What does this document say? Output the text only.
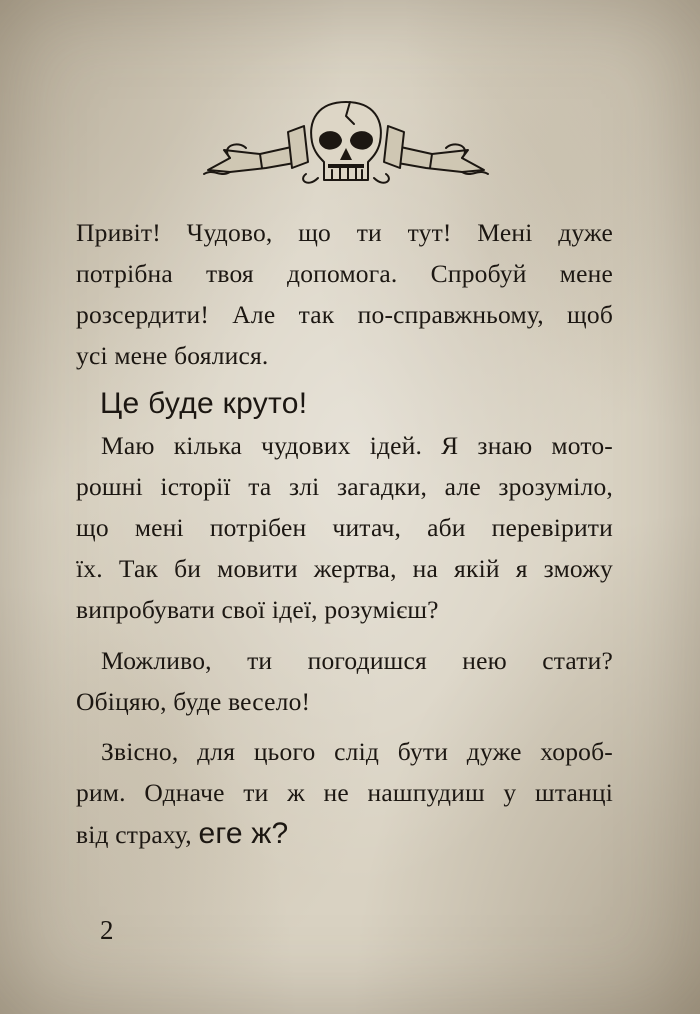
Привіт! Чудово, що ти тут! Мені дуже
потрібна твоя допомога. Спробуй мене
розсердити! Але так по-справжньому, щоб
усі мене боялися.
Це буде круто!
Маю кілька чудових ідей. Я знаю мото-
рошні історії та злі загадки, але зрозуміло,
що мені потрібен читач, аби перевірити
їх. Так би мовити жертва, на якій я зможу
випробувати свої ідеї, розумієш?
Можливо, ти погодишся нею стати?
Обіцяю, буде весело!
Звісно, для цього слід бути дуже хороб-
рим. Одначе ти ж не нашпудиш у штанці
від страху, еге ж?
2
